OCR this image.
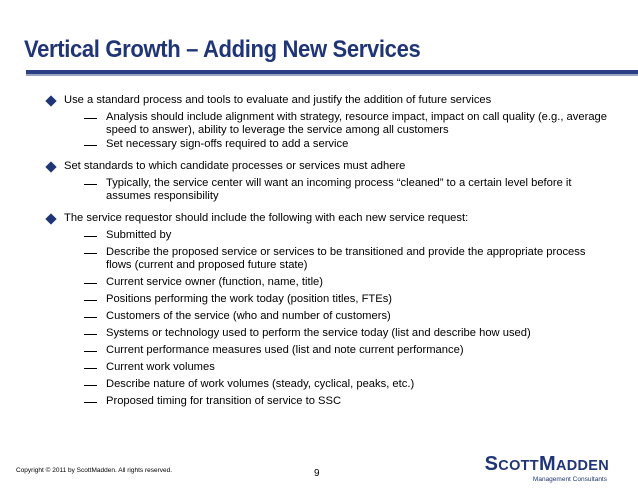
Vertical Growth – Adding New Services
Use a standard process and tools to evaluate and justify the addition of future services
Analysis should include alignment with strategy, resource impact, impact on call quality (e.g., average speed to answer), ability to leverage the service among all customers
Set necessary sign-offs required to add a service
Set standards to which candidate processes or services must adhere
Typically, the service center will want an incoming process “cleaned” to a certain level before it assumes responsibility
The service requestor should include the following with each new service request:
Submitted by
Describe the proposed service or services to be transitioned and provide the appropriate process flows (current and proposed future state)
Current service owner (function, name, title)
Positions performing the work today (position titles, FTEs)
Customers of the service (who and number of customers)
Systems or technology used to perform the service today (list and describe how used)
Current performance measures used (list and note current performance)
Current work volumes
Describe nature of work volumes (steady, cyclical, peaks, etc.)
Proposed timing for transition of service to SSC
Copyright © 2011 by ScottMadden. All rights reserved.	9	SCOTTMADDEN
Management Consultants
